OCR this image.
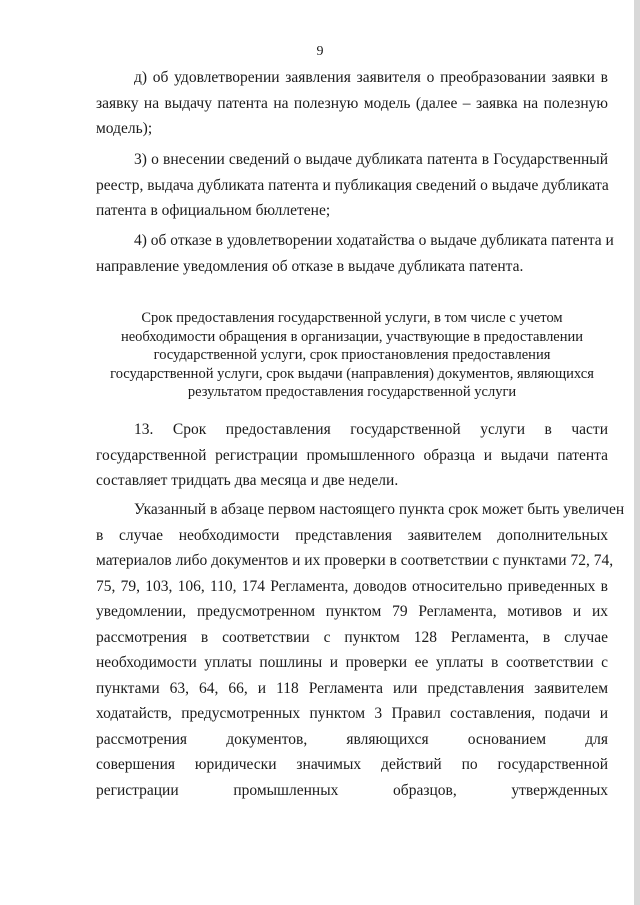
9
д) об удовлетворении заявления заявителя о преобразовании заявки в
заявку на выдачу патента на полезную модель (далее – заявка на полезную
модель);
3) о внесении сведений о выдаче дубликата патента в Государственный
реестр, выдача дубликата патента и публикация сведений о выдаче дубликата
патента в официальном бюллетене;
4) об отказе в удовлетворении ходатайства о выдаче дубликата патента и
направление уведомления об отказе в выдаче дубликата патента.
Срок предоставления государственной услуги, в том числе с учетом
необходимости обращения в организации, участвующие в предоставлении
государственной услуги, срок приостановления предоставления
государственной услуги, срок выдачи (направления) документов, являющихся
результатом предоставления государственной услуги
13. Срок предоставления государственной услуги в части
государственной регистрации промышленного образца и выдачи патента
составляет тридцать два месяца и две недели.
Указанный в абзаце первом настоящего пункта срок может быть увеличен
в случае необходимости представления заявителем дополнительных
материалов либо документов и их проверки в соответствии с пунктами 72, 74,
75, 79, 103, 106, 110, 174 Регламента, доводов относительно приведенных в
уведомлении, предусмотренном пунктом 79 Регламента, мотивов и их
рассмотрения в соответствии с пунктом 128 Регламента, в случае
необходимости уплаты пошлины и проверки ее уплаты в соответствии с
пунктами 63, 64, 66, и 118 Регламента или представления заявителем
ходатайств, предусмотренных пунктом 3 Правил составления, подачи и
рассмотрения документов, являющихся основанием для
совершения юридически значимых действий по государственной
регистрации промышленных образцов, утвержденных
